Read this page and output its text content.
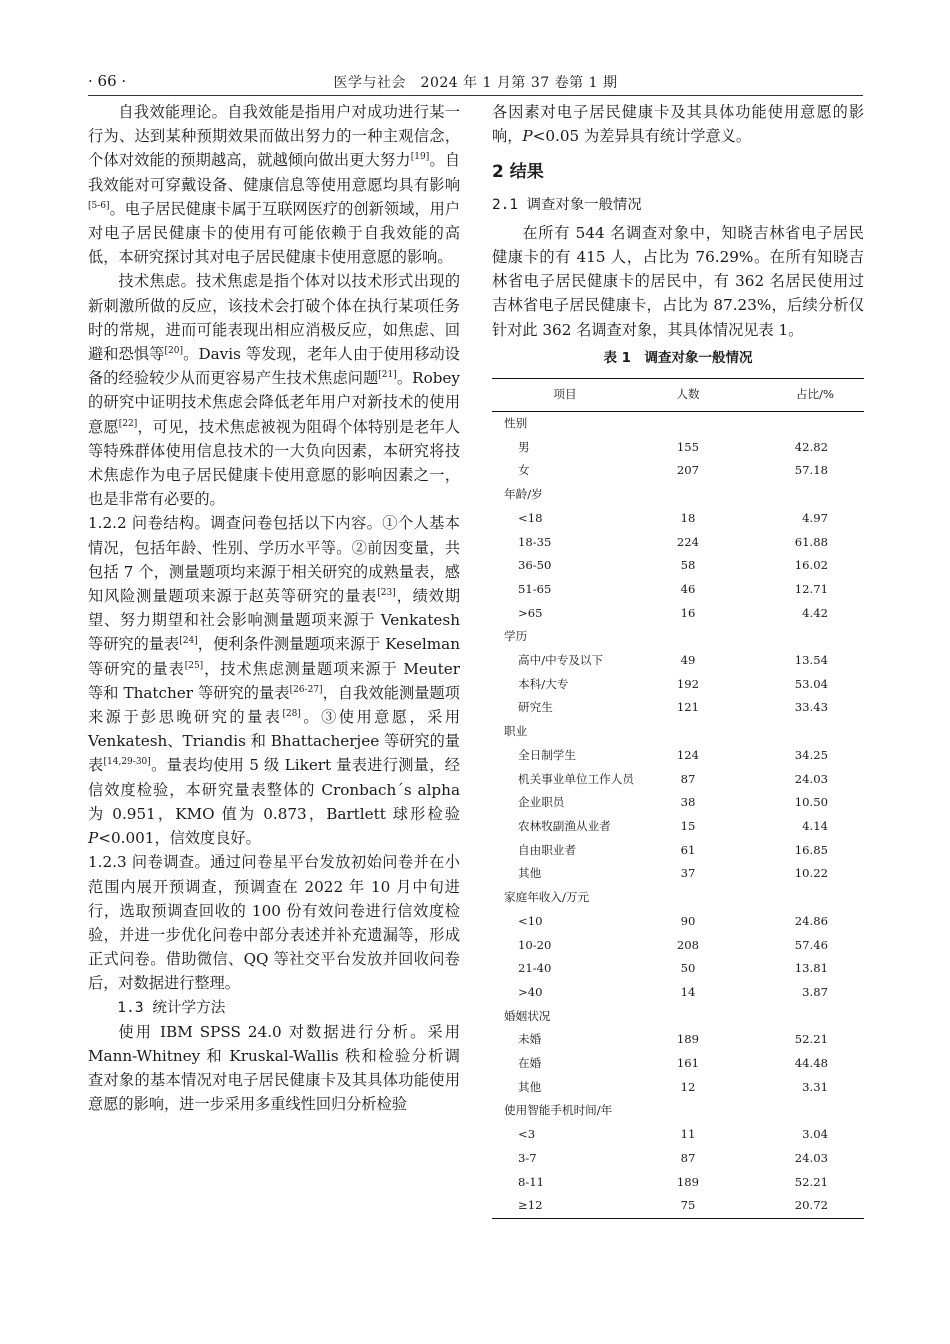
· 66 ·	医学与社会　2024 年 1 月第 37 卷第 1 期

自我效能理论。自我效能是指用户对成功进行某一行为、达到某种预期效果而做出努力的一种主观信念，个体对效能的预期越高，就越倾向做出更大努力[19]。自我效能对可穿戴设备、健康信息等使用意愿均具有影响[5-6]。电子居民健康卡属于互联网医疗的创新领域，用户对电子居民健康卡的使用有可能依赖于自我效能的高低，本研究探讨其对电子居民健康卡使用意愿的影响。

技术焦虑。技术焦虑是指个体对以技术形式出现的新刺激所做的反应，该技术会打破个体在执行某项任务时的常规，进而可能表现出相应消极反应，如焦虑、回避和恐惧等[20]。Davis 等发现，老年人由于使用移动设备的经验较少从而更容易产生技术焦虑问题[21]。Robey 的研究中证明技术焦虑会降低老年用户对新技术的使用意愿[22]，可见，技术焦虑被视为阻碍个体特别是老年人等特殊群体使用信息技术的一大负向因素，本研究将技术焦虑作为电子居民健康卡使用意愿的影响因素之一，也是非常有必要的。

1.2.2 问卷结构。调查问卷包括以下内容。①个人基本情况，包括年龄、性别、学历水平等。②前因变量，共包括 7 个，测量题项均来源于相关研究的成熟量表，感知风险测量题项来源于赵英等研究的量表[23]，绩效期望、努力期望和社会影响测量题项来源于 Venkatesh 等研究的量表[24]，便利条件测量题项来源于 Keselman 等研究的量表[25]，技术焦虑测量题项来源于 Meuter 等和 Thatcher 等研究的量表[26-27]，自我效能测量题项来源于彭思晚研究的量表[28]。③使用意愿，采用 Venkatesh、Triandis 和 Bhattacherjee 等研究的量表[14,29-30]。量表均使用 5 级 Likert 量表进行测量，经信效度检验，本研究量表整体的 Cronbach´s alpha 为 0.951，KMO 值为 0.873，Bartlett 球形检验 P<0.001，信效度良好。

1.2.3 问卷调查。通过问卷星平台发放初始问卷并在小范围内展开预调查，预调查在 2022 年 10 月中旬进行，选取预调查回收的 100 份有效问卷进行信效度检验，并进一步优化问卷中部分表述并补充遗漏等，形成正式问卷。借助微信、QQ 等社交平台发放并回收问卷后，对数据进行整理。

1.3 统计学方法

使用 IBM SPSS 24.0 对数据进行分析。采用 Mann-Whitney 和 Kruskal-Wallis 秩和检验分析调查对象的基本情况对电子居民健康卡及其具体功能使用意愿的影响，进一步采用多重线性回归分析检验

各因素对电子居民健康卡及其具体功能使用意愿的影响，P<0.05 为差异具有统计学意义。

2 结果
2.1 调查对象一般情况

在所有 544 名调查对象中，知晓吉林省电子居民健康卡的有 415 人，占比为 76.29%。在所有知晓吉林省电子居民健康卡的居民中，有 362 名居民使用过吉林省电子居民健康卡，占比为 87.23%，后续分析仅针对此 362 名调查对象，其具体情况见表 1。

表 1　调查对象一般情况
项目	人数	占比/%
性别		
男	155	42.82
女	207	57.18
年龄/岁		
<18	18	4.97
18-35	224	61.88
36-50	58	16.02
51-65	46	12.71
>65	16	4.42
学历		
高中/中专及以下	49	13.54
本科/大专	192	53.04
研究生	121	33.43
职业		
全日制学生	124	34.25
机关事业单位工作人员	87	24.03
企业职员	38	10.50
农林牧副渔从业者	15	4.14
自由职业者	61	16.85
其他	37	10.22
家庭年收入/万元		
<10	90	24.86
10-20	208	57.46
21-40	50	13.81
>40	14	3.87
婚姻状况		
未婚	189	52.21
在婚	161	44.48
其他	12	3.31
使用智能手机时间/年		
<3	11	3.04
3-7	87	24.03
8-11	189	52.21
≥12	75	20.72
